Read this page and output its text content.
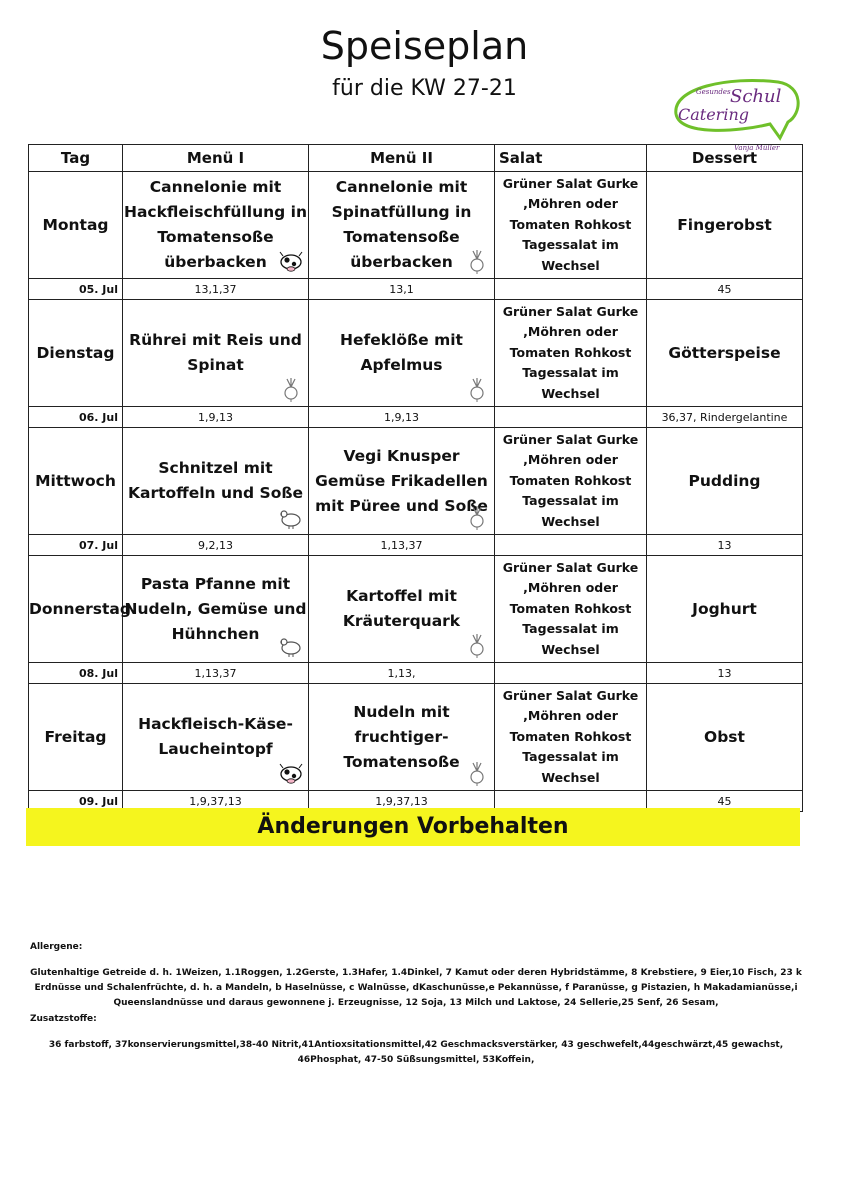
Speiseplan
für die KW 27-21	Gesundes Schul
Catering
Vanja Müller
Tag	Menü I	Menü II	Salat	Dessert
Montag	Cannelonie mit Hackfleischfüllung in Tomatensoße überbacken	Cannelonie mit Spinatfüllung in Tomatensoße überbacken	Grüner Salat Gurke ,Möhren oder Tomaten Rohkost Tagessalat im Wechsel	Fingerobst
05. Jul	13,1,37	13,1		45
Dienstag	Rührei mit Reis und Spinat	Hefeklöße mit Apfelmus	Grüner Salat Gurke ,Möhren oder Tomaten Rohkost Tagessalat im Wechsel	Götterspeise
06. Jul	1,9,13	1,9,13		36,37, Rindergelantine
Mittwoch	Schnitzel mit Kartoffeln und Soße	Vegi Knusper Gemüse Frikadellen mit Püree und Soße	Grüner Salat Gurke ,Möhren oder Tomaten Rohkost Tagessalat im Wechsel	Pudding
07. Jul	9,2,13	1,13,37		13
Donnerstag	Pasta Pfanne mit Nudeln, Gemüse und Hühnchen	Kartoffel mit Kräuterquark	Grüner Salat Gurke ,Möhren oder Tomaten Rohkost Tagessalat im Wechsel	Joghurt
08. Jul	1,13,37	1,13,		13
Freitag	Hackfleisch-Käse-Laucheintopf	Nudeln mit fruchtiger-Tomatensoße	Grüner Salat Gurke ,Möhren oder Tomaten Rohkost Tagessalat im Wechsel	Obst
09. Jul	1,9,37,13	1,9,37,13		45
Änderungen Vorbehalten
Allergene:
Glutenhaltige Getreide d. h. 1Weizen, 1.1Roggen, 1.2Gerste, 1.3Hafer, 1.4Dinkel, 7 Kamut oder deren Hybridstämme, 8 Krebstiere, 9 Eier,10 Fisch, 23 k Erdnüsse und Schalenfrüchte, d. h. a Mandeln, b Haselnüsse, c Walnüsse, dKaschunüsse,e Pekannüsse, f Paranüsse, g Pistazien, h Makadamianüsse,i Queenslandnüsse und daraus gewonnene j. Erzeugnisse, 12 Soja, 13 Milch und Laktose, 24 Sellerie,25 Senf, 26 Sesam,
Zusatzstoffe:
36 farbstoff, 37konservierungsmittel,38-40 Nitrit,41Antioxsitationsmittel,42 Geschmacksverstärker, 43 geschwefelt,44geschwärzt,45 gewachst, 46Phosphat, 47-50 Süßsungsmittel, 53Koffein,
